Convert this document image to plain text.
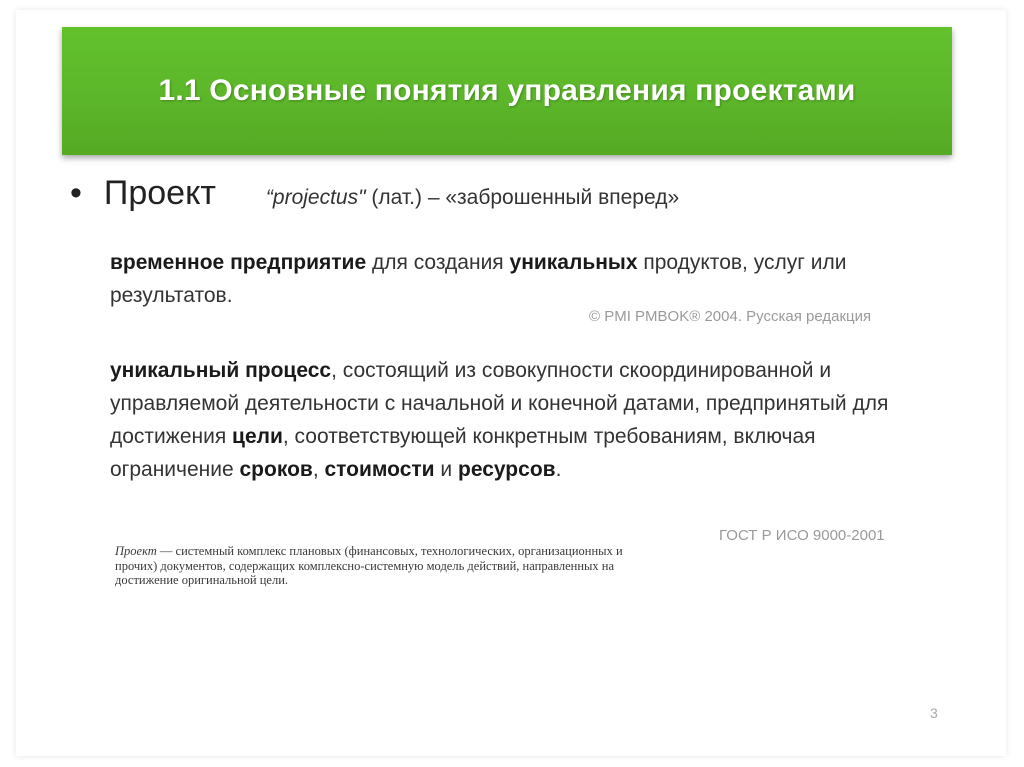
1.1 Основные понятия управления проектами
• Проект “projectus" (лат.) – «заброшенный вперед»
временное предприятие для создания уникальных продуктов, услуг или результатов.
© PMI PMBOK® 2004. Русская редакция
уникальный процесс, состоящий из совокупности скоординированной и управляемой деятельности с начальной и конечной датами, предпринятый для достижения цели, соответствующей конкретным требованиям, включая ограничение сроков, стоимости и ресурсов.
ГОСТ Р ИСО 9000-2001
Проект — системный комплекс плановых (финансовых, технологических, организационных и прочих) документов, содержащих комплексно-системную модель действий, направленных на достижение оригинальной цели.
3
